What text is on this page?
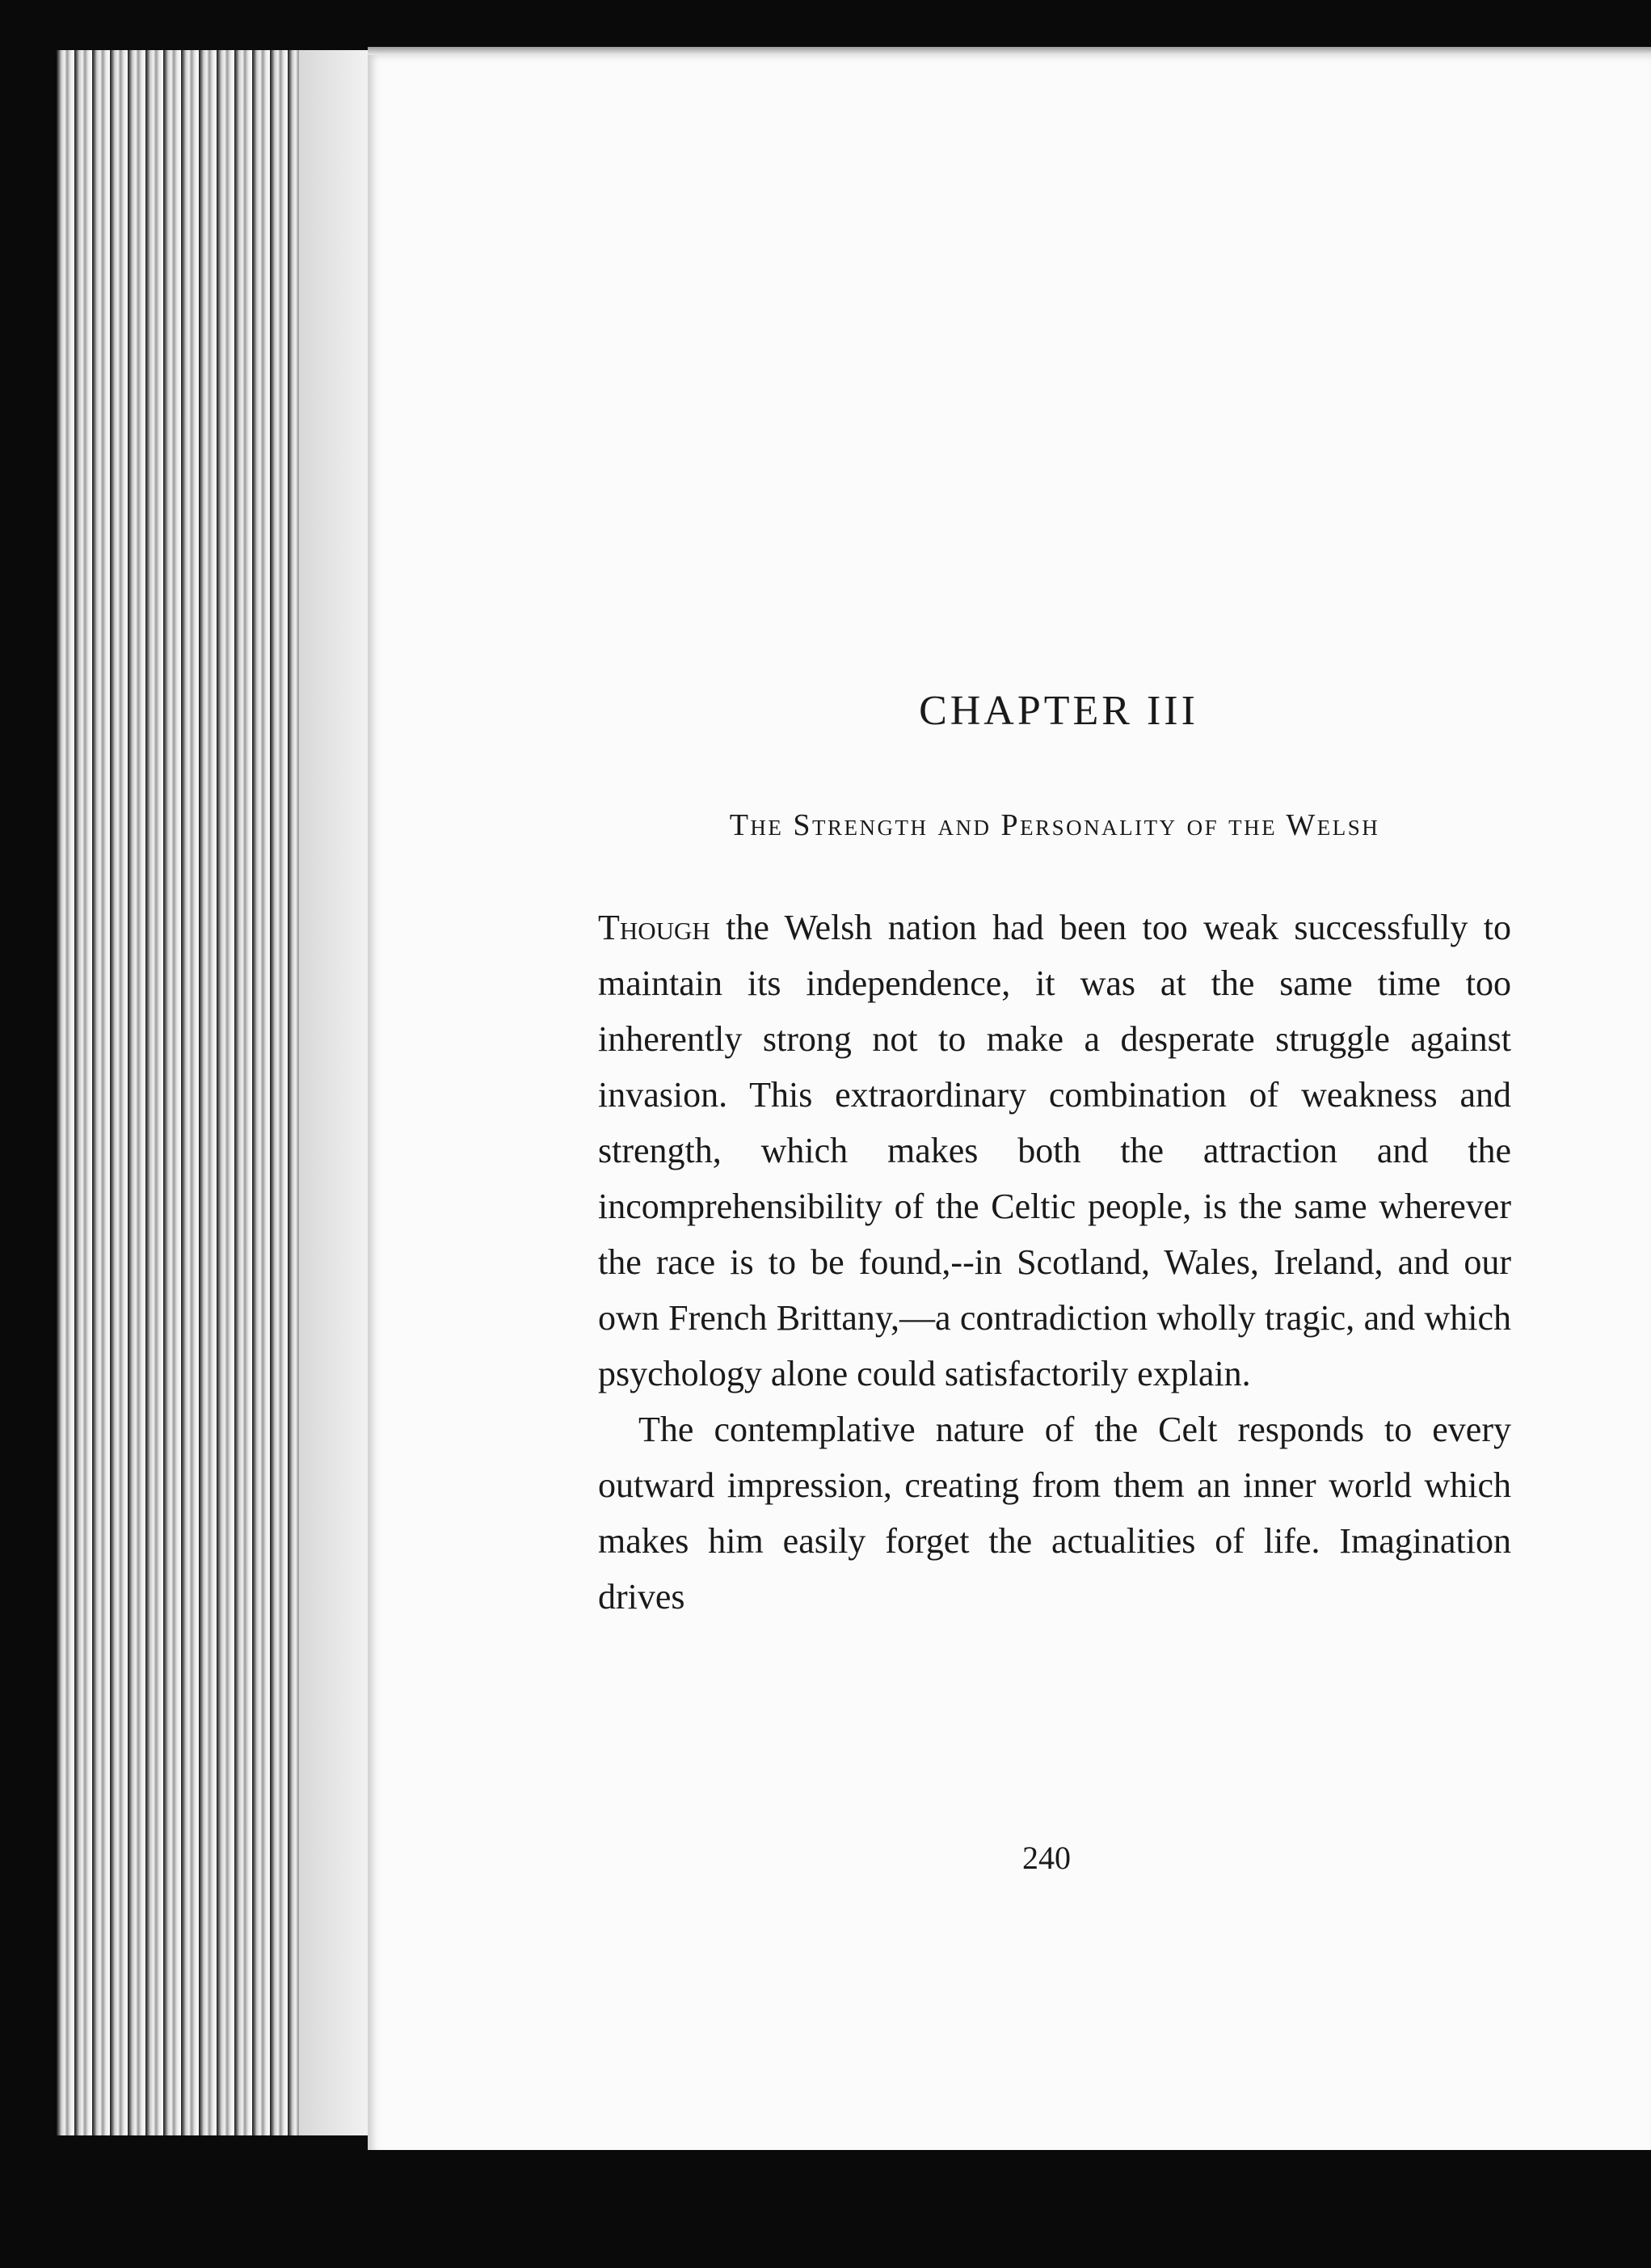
CHAPTER III
The Strength and Personality of the Welsh

Though the Welsh nation had been too weak successfully to maintain its independence, it was at the same time too inherently strong not to make a desperate struggle against invasion. This extraordinary combination of weakness and strength, which makes both the attraction and the incomprehensibility of the Celtic people, is the same wherever the race is to be found,--in Scotland, Wales, Ireland, and our own French Brittany,—a contradiction wholly tragic, and which psychology alone could satisfactorily explain.

The contemplative nature of the Celt responds to every outward impression, creating from them an inner world which makes him easily forget the actualities of life. Imagination drives

240
